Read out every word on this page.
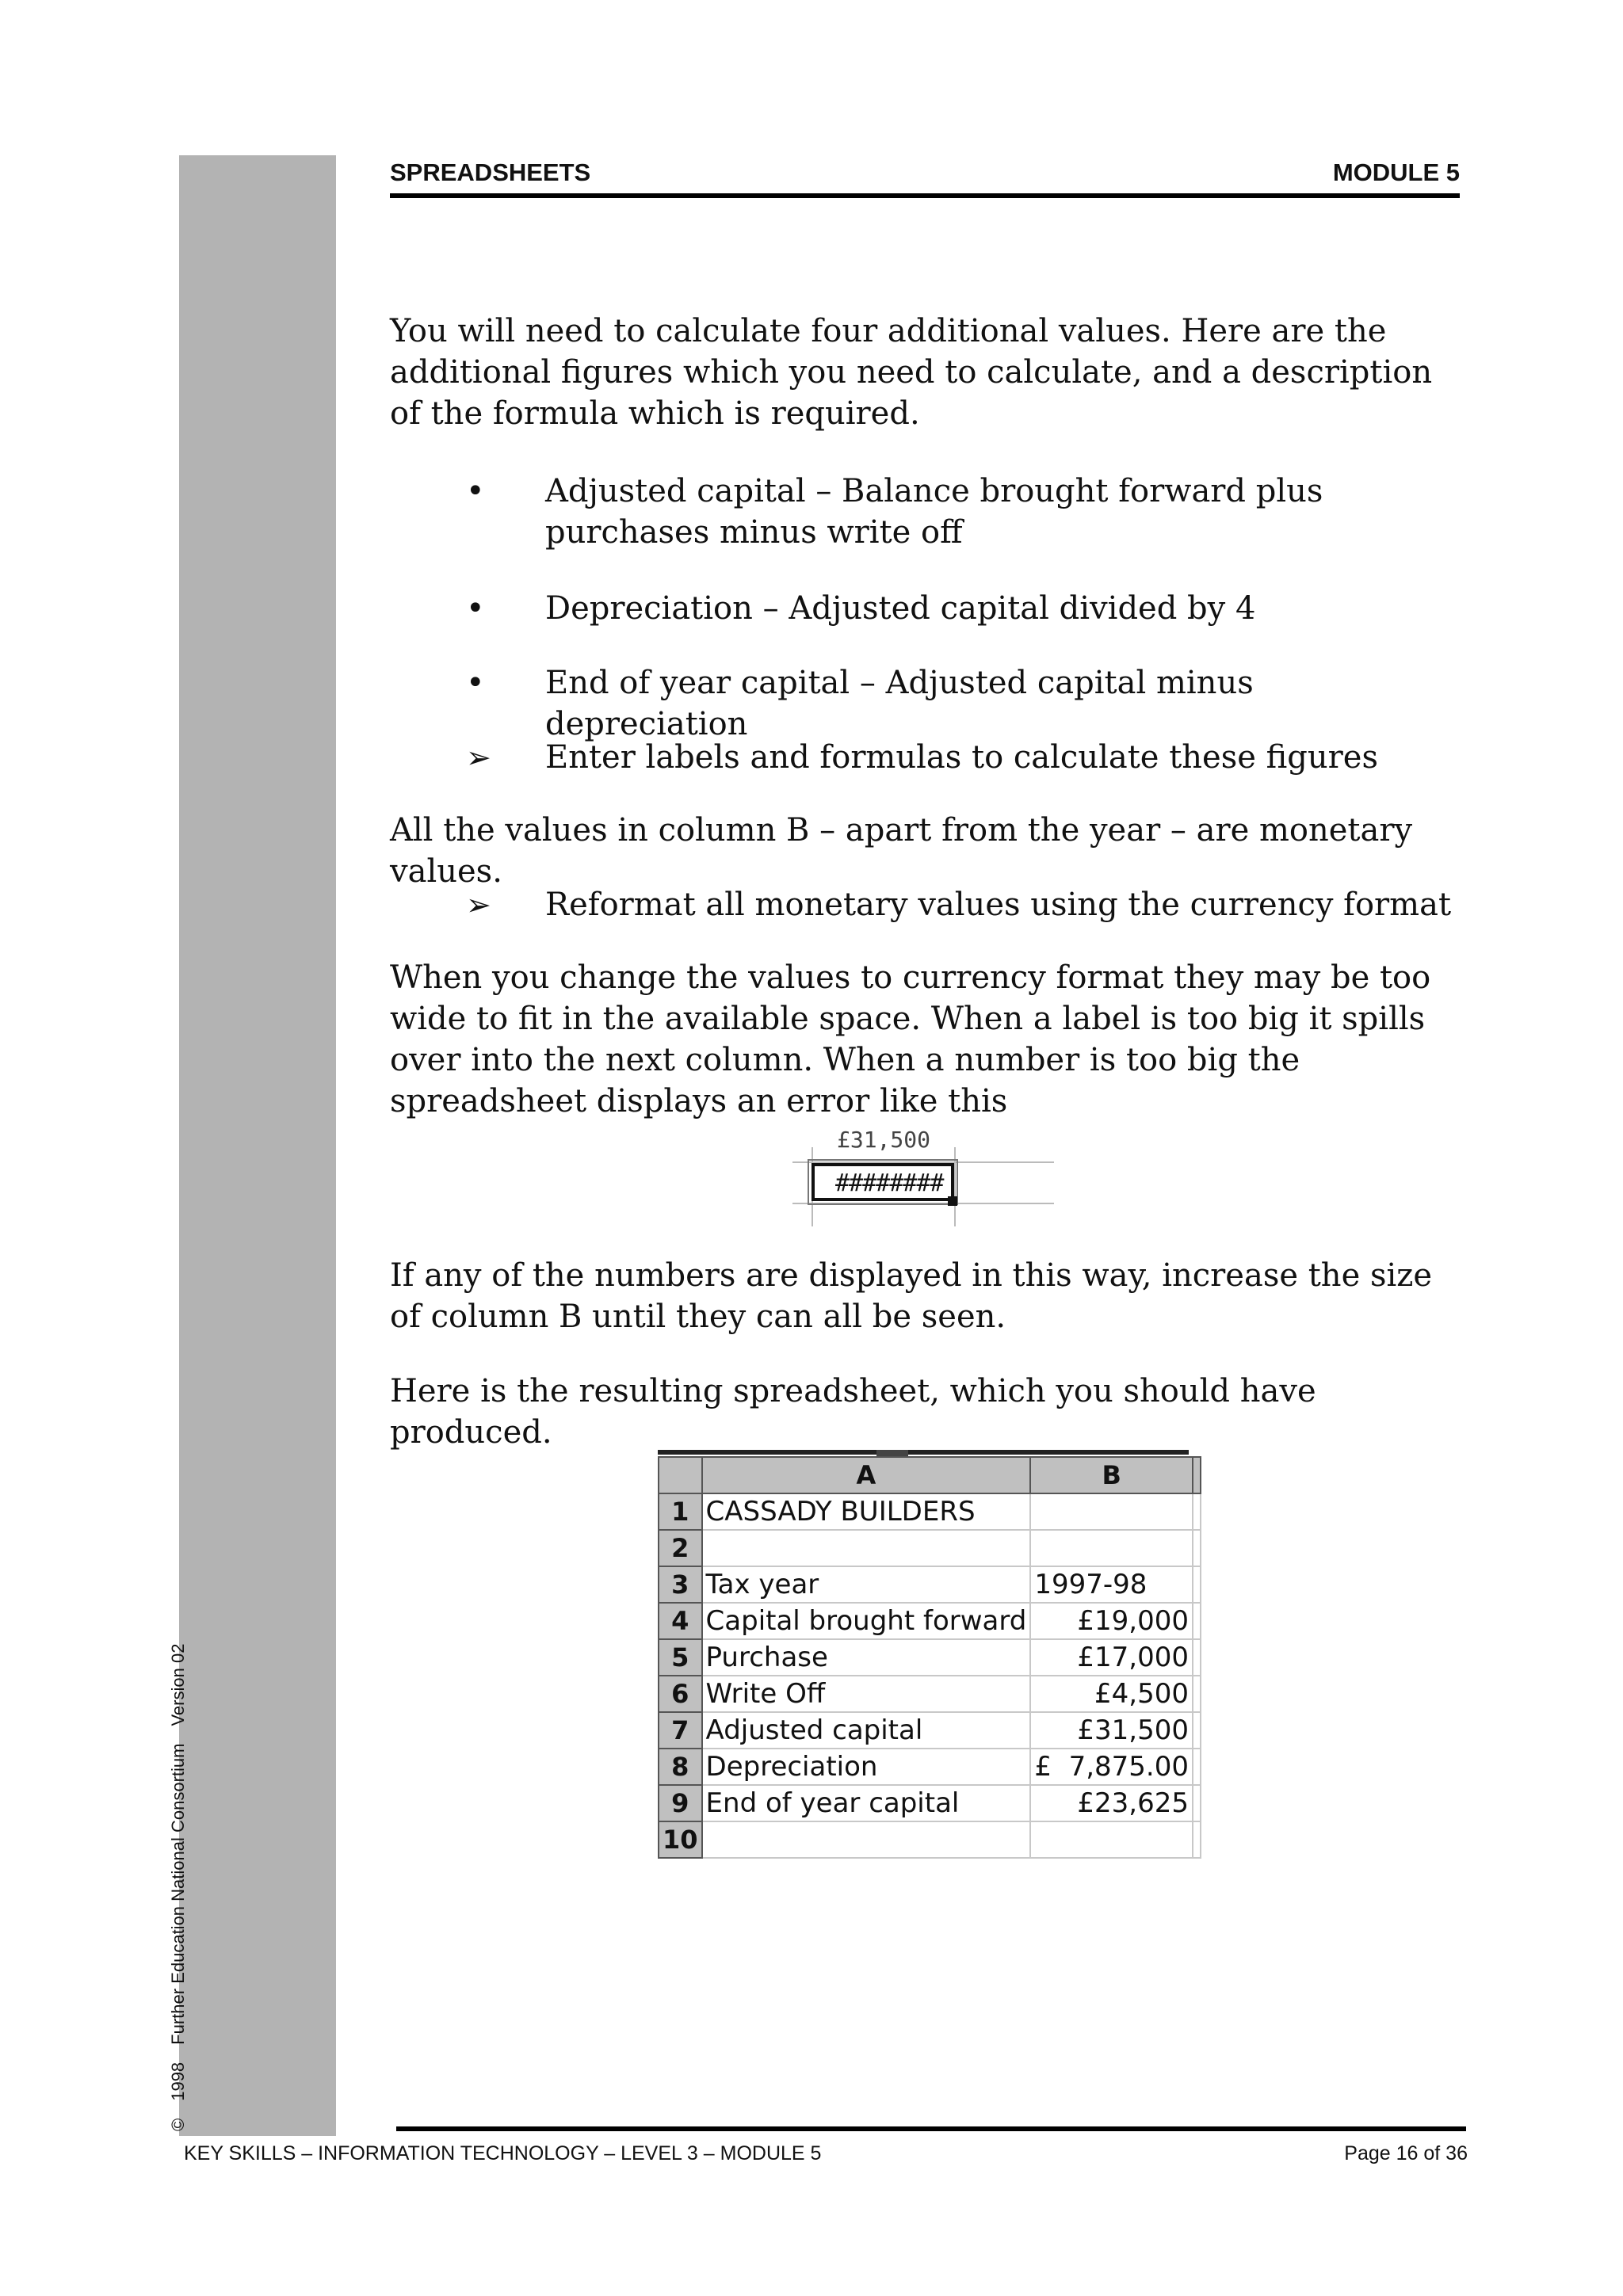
©1998Further Education National ConsortiumVersion 02
SPREADSHEETS	MODULE 5
You will need to calculate four additional values. Here are the additional figures which you need to calculate, and a description of the formula which is required.
• Adjusted capital – Balance brought forward plus purchases minus write off
• Depreciation – Adjusted capital divided by 4
• End of year capital – Adjusted capital minus depreciation
➢ Enter labels and formulas to calculate these figures
All the values in column B – apart from the year – are monetary values.
➢ Reformat all monetary values using the currency format
When you change the values to currency format they may be too wide to fit in the available space. When a label is too big it spills over into the next column. When a number is too big the spreadsheet displays an error like this
£31,500
########
If any of the numbers are displayed in this way, increase the size of column B until they can all be seen.
Here is the resulting spreadsheet, which you should have produced.
	A	B	
1	CASSADY BUILDERS		
2			
3	Tax year	1997-98	
4	Capital brought forward	£19,000	
5	Purchase	£17,000	
6	Write Off	£4,500	
7	Adjusted capital	£31,500	
8	Depreciation	£  7,875.00	
9	End of year capital	£23,625	
10			
KEY SKILLS – INFORMATION TECHNOLOGY – LEVEL 3 – MODULE 5	Page 16 of 36
